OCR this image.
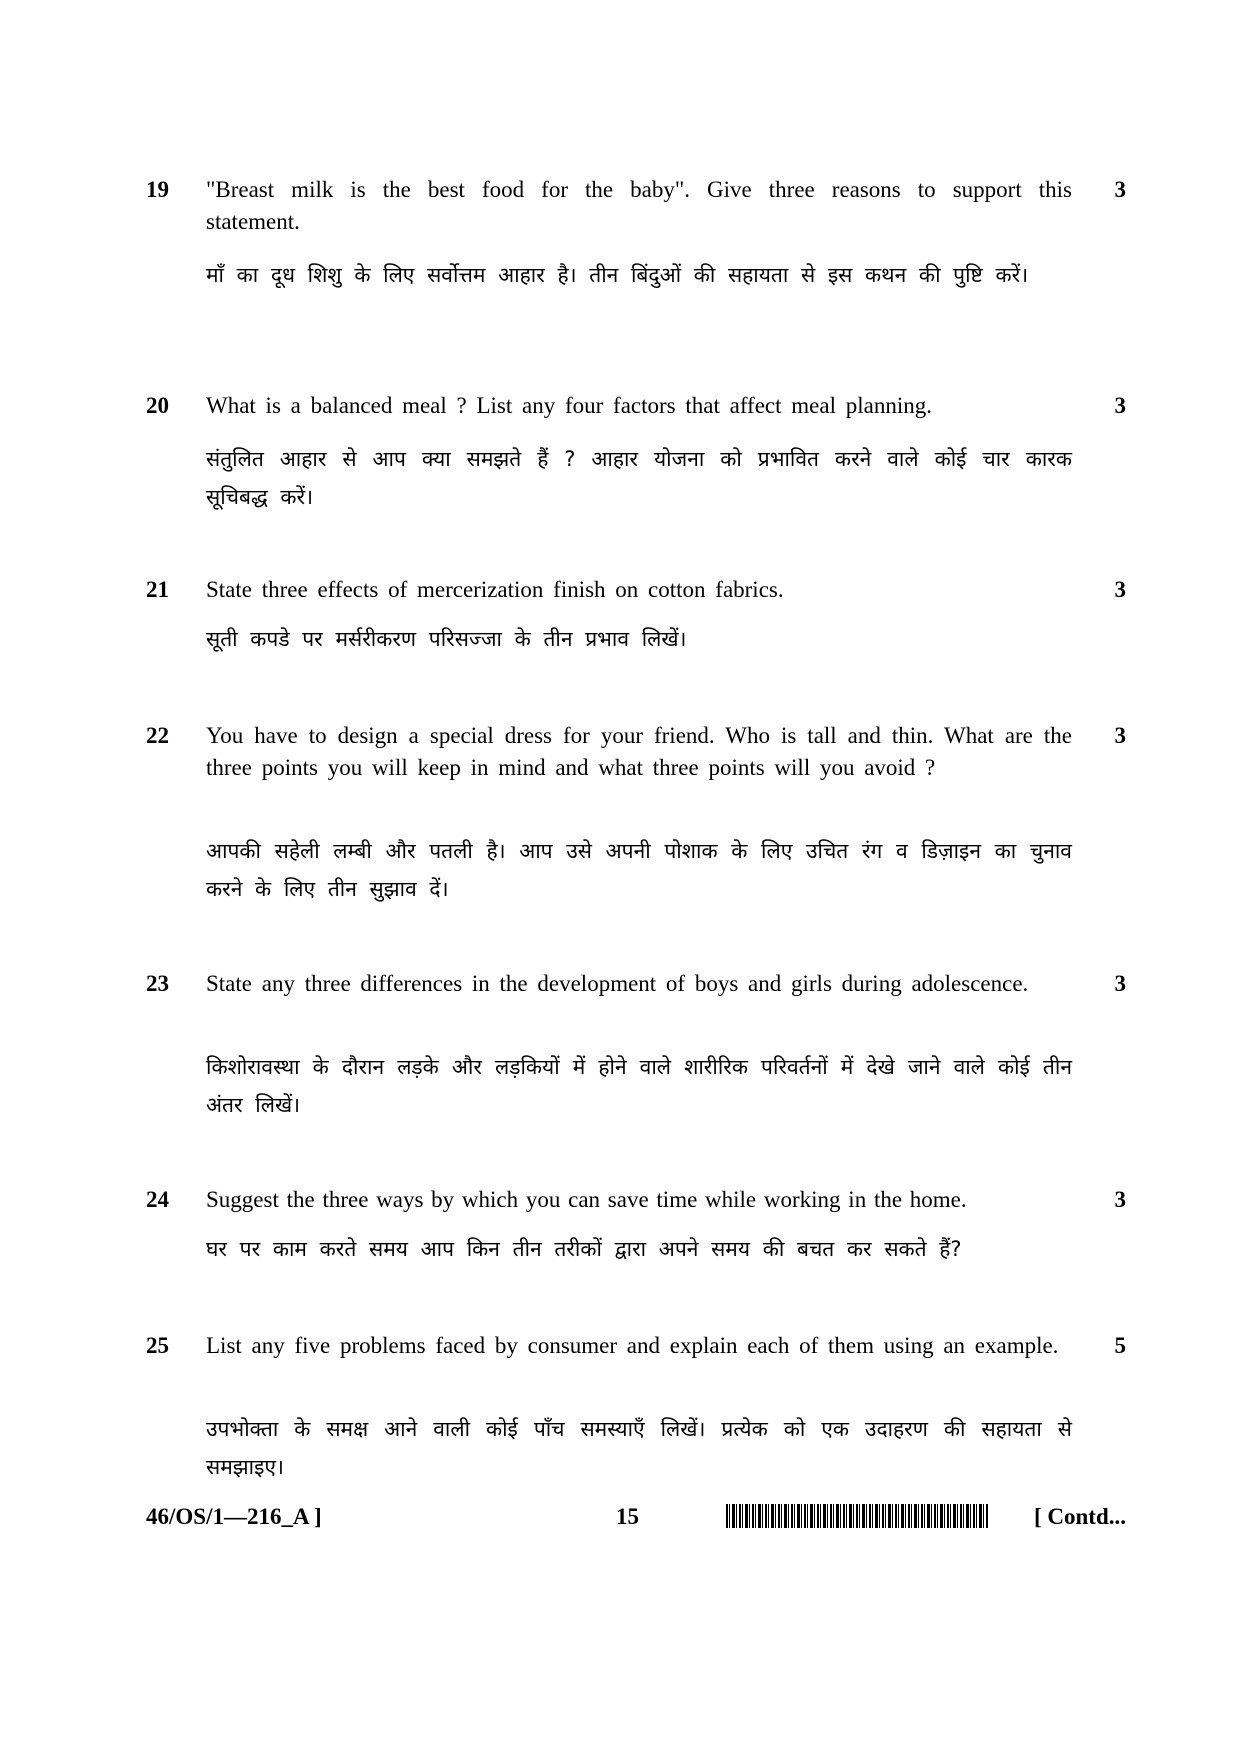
19 "Breast milk is the best food for the baby". Give three reasons to support this statement.
माँ का दूध शिशु के लिए सर्वोत्तम आहार है। तीन बिंदुओं की सहायता से इस कथन की पुष्टि करें।
3
20 What is a balanced meal ? List any four factors that affect meal planning.
संतुलित आहार से आप क्या समझते हैं ? आहार योजना को प्रभावित करने वाले कोई चार कारक सूचिबद्ध करें।
3
21 State three effects of mercerization finish on cotton fabrics.
सूती कपडे पर मर्सरीकरण परिसज्जा के तीन प्रभाव लिखें।
3
22 You have to design a special dress for your friend. Who is tall and thin. What are the three points you will keep in mind and what three points will you avoid ?
आपकी सहेली लम्बी और पतली है। आप उसे अपनी पोशाक के लिए उचित रंग व डिज़ाइन का चुनाव करने के लिए तीन सुझाव दें।
3
23 State any three differences in the development of boys and girls during adolescence.
किशोरावस्था के दौरान लड़के और लड़कियों में होने वाले शारीरिक परिवर्तनों में देखे जाने वाले कोई तीन अंतर लिखें।
3
24 Suggest the three ways by which you can save time while working in the home.
घर पर काम करते समय आप किन तीन तरीकों द्वारा अपने समय की बचत कर सकते हैं?
3
25 List any five problems faced by consumer and explain each of them using an example.
उपभोक्ता के समक्ष आने वाली कोई पाँच समस्याएँ लिखें। प्रत्येक को एक उदाहरण की सहायता से समझाइए।
5
46/OS/1—216_A ]	15	[ Contd...
